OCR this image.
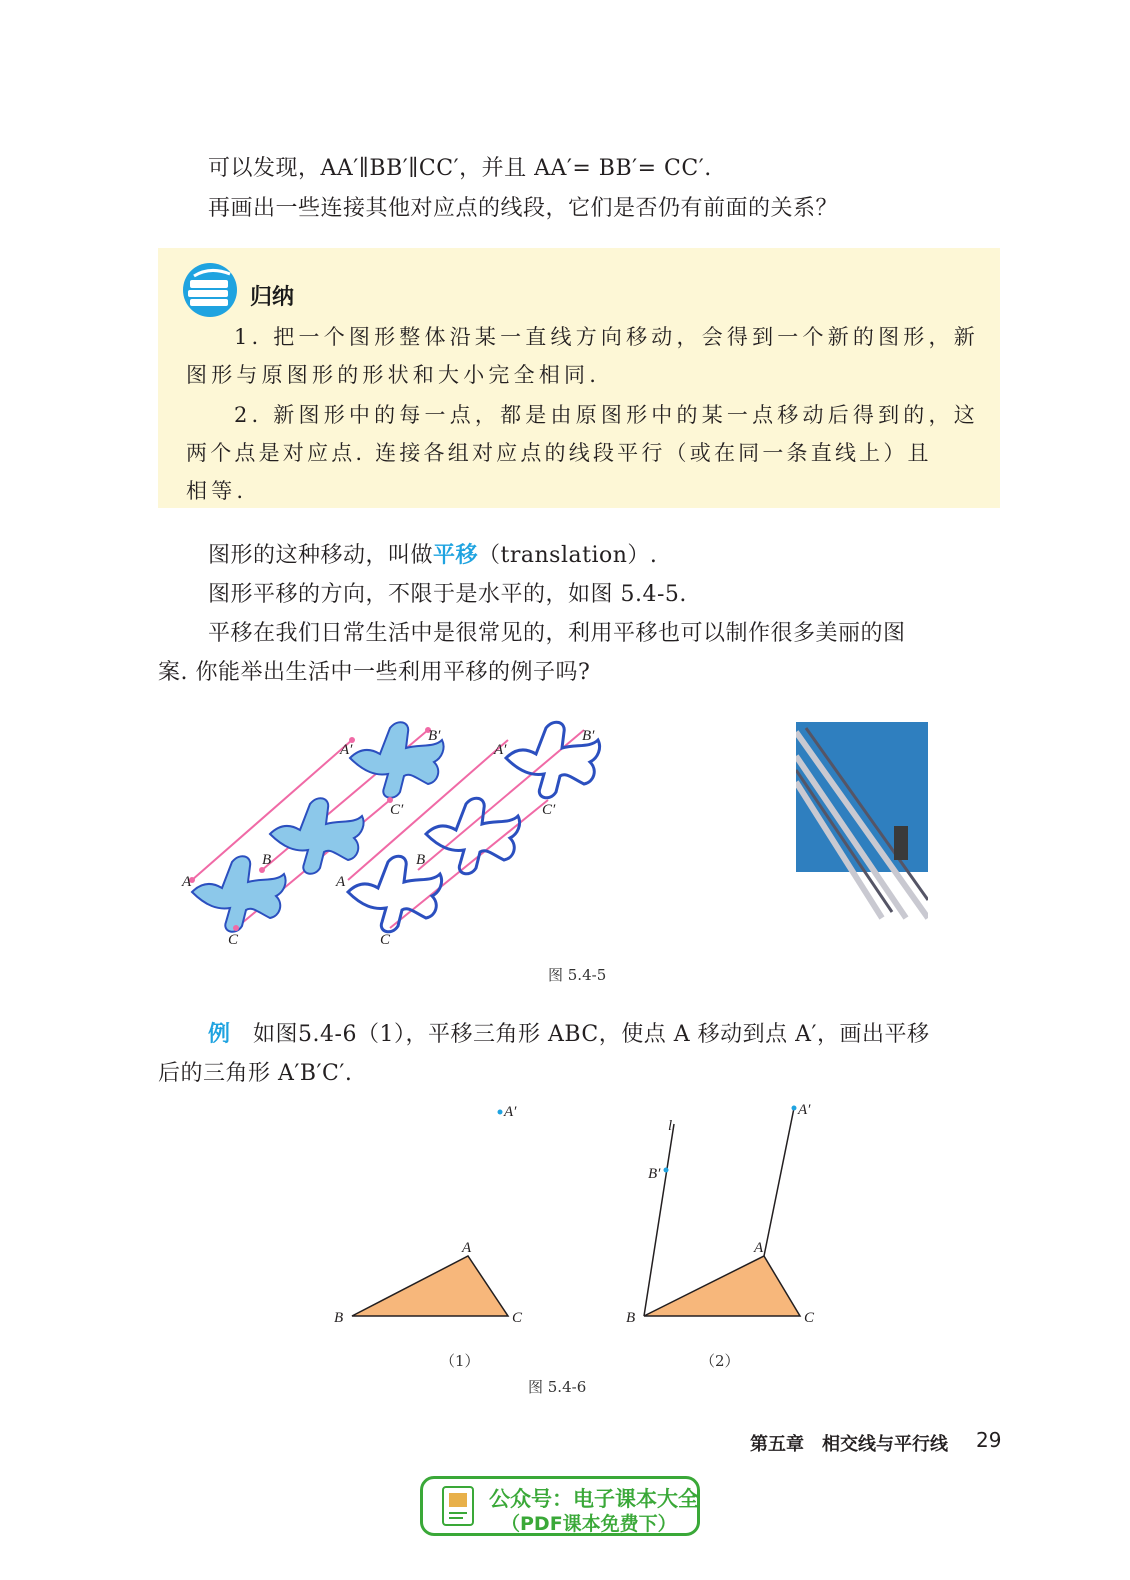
可以发现，AA′∥BB′∥CC′，并且 AA′= BB′= CC′.
再画出一些连接其他对应点的线段，它们是否仍有前面的关系？
归纳
1. 把一个图形整体沿某一直线方向移动，会得到一个新的图形，新
图形与原图形的形状和大小完全相同.
2. 新图形中的每一点，都是由原图形中的某一点移动后得到的，这
两个点是对应点. 连接各组对应点的线段平行（或在同一条直线上）且
相等.
图形的这种移动，叫做平移（translation）.
图形平移的方向，不限于是水平的，如图 5.4-5.
平移在我们日常生活中是很常见的，利用平移也可以制作很多美丽的图
案. 你能举出生活中一些利用平移的例子吗?
A
B
C
A′
B′
C′
A
B
C
A′
B′
C′
图 5.4-5
例　 如图5.4-6（1），平移三角形 ABC，使点 A 移动到点 A′，画出平移
后的三角形 A′B′C′.
A′
B
A
C
l
B′
A′
B
A
C
（1）	（2）
图 5.4-6
第五章　相交线与平行线 29
公众号：电子课本大全
（PDF课本免费下）
